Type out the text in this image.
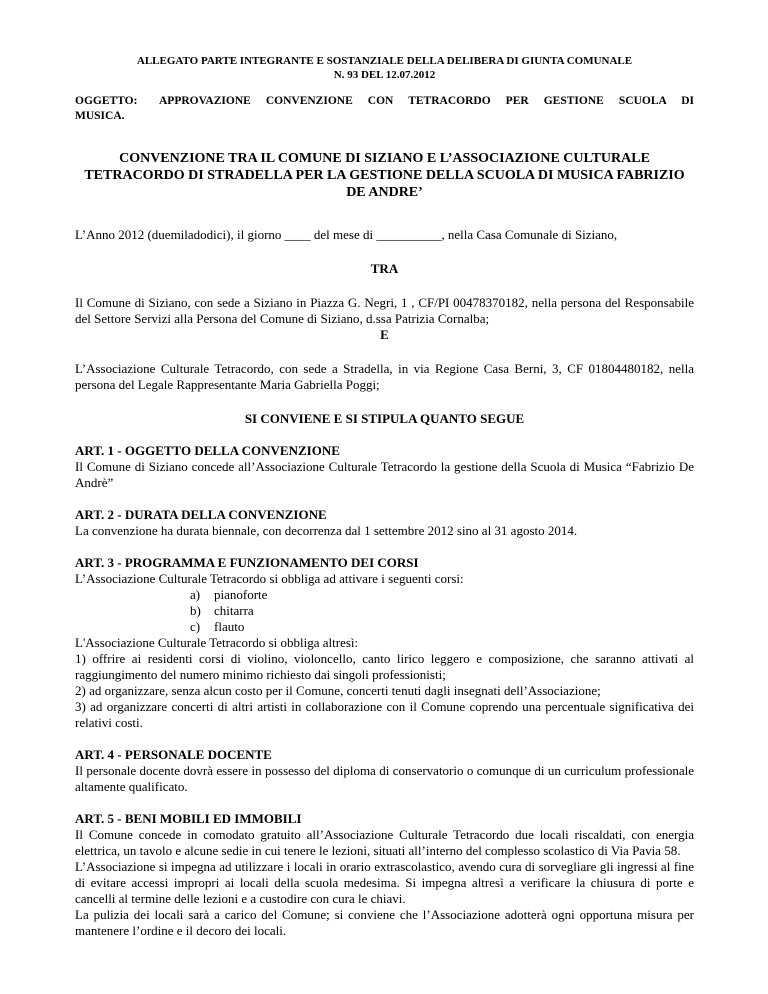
ALLEGATO PARTE INTEGRANTE E SOSTANZIALE DELLA DELIBERA DI GIUNTA COMUNALE
N. 93 DEL 12.07.2012
OGGETTO:	APPROVAZIONE CONVENZIONE CON TETRACORDO PER GESTIONE SCUOLA DI
MUSICA.
CONVENZIONE TRA IL COMUNE DI SIZIANO E L’ASSOCIAZIONE CULTURALE
TETRACORDO DI STRADELLA PER LA GESTIONE DELLA SCUOLA DI MUSICA FABRIZIO
DE ANDRE’

L’Anno 2012 (duemiladodici), il giorno ____ del mese di __________, nella Casa Comunale di Siziano,

TRA

Il Comune di Siziano, con sede a Siziano in Piazza G. Negri, 1 , CF/PI 00478370182, nella persona del Responsabile del Settore Servizi alla Persona del Comune di Siziano, d.ssa Patrizia Cornalba;

E

L’Associazione Culturale Tetracordo, con sede a Stradella, in via Regione Casa Berni, 3, CF 01804480182, nella persona del Legale Rappresentante Maria Gabriella Poggi;

SI CONVIENE E SI STIPULA QUANTO SEGUE

ART. 1 - OGGETTO DELLA CONVENZIONE

Il Comune di Siziano concede all’Associazione Culturale Tetracordo la gestione della Scuola di Musica “Fabrizio De Andrè”

ART. 2 - DURATA DELLA CONVENZIONE

La convenzione ha durata biennale, con decorrenza dal 1 settembre 2012 sino al 31 agosto 2014.

ART. 3 - PROGRAMMA E FUNZIONAMENTO DEI CORSI

L’Associazione Culturale Tetracordo si obbliga ad attivare i seguenti corsi:

a) pianoforte
b) chitarra
c) flauto

L'Associazione Culturale Tetracordo si obbliga altresì:

1) offrire ai residenti corsi di violino, violoncello, canto lirico leggero e composizione, che saranno attivati al raggiungimento del numero minimo richiesto dai singoli professionisti;

2) ad organizzare, senza alcun costo per il Comune, concerti tenuti dagli insegnati dell’Associazione;

3) ad organizzare concerti di altri artisti in collaborazione con il Comune coprendo una percentuale significativa dei relativi costi.

ART. 4 - PERSONALE DOCENTE

Il personale docente dovrà essere in possesso del diploma di conservatorio o comunque di un curriculum professionale altamente qualificato.

ART. 5 - BENI MOBILI ED IMMOBILI

Il Comune concede in comodato gratuito all’Associazione Culturale Tetracordo due locali riscaldati, con energia elettrica, un tavolo e alcune sedie in cui tenere le lezioni, situati all’interno del complesso scolastico di Via Pavia 58.

L’Associazione si impegna ad utilizzare i locali in orario extrascolastico, avendo cura di sorvegliare gli ingressi al fine di evitare accessi impropri ai locali della scuola medesima. Si impegna altresì a verificare la chiusura di porte e cancelli al termine delle lezioni e a custodire con cura le chiavi.

La pulizia dei locali sarà a carico del Comune; si conviene che l’Associazione adotterà ogni opportuna misura per mantenere l’ordine e il decoro dei locali.
